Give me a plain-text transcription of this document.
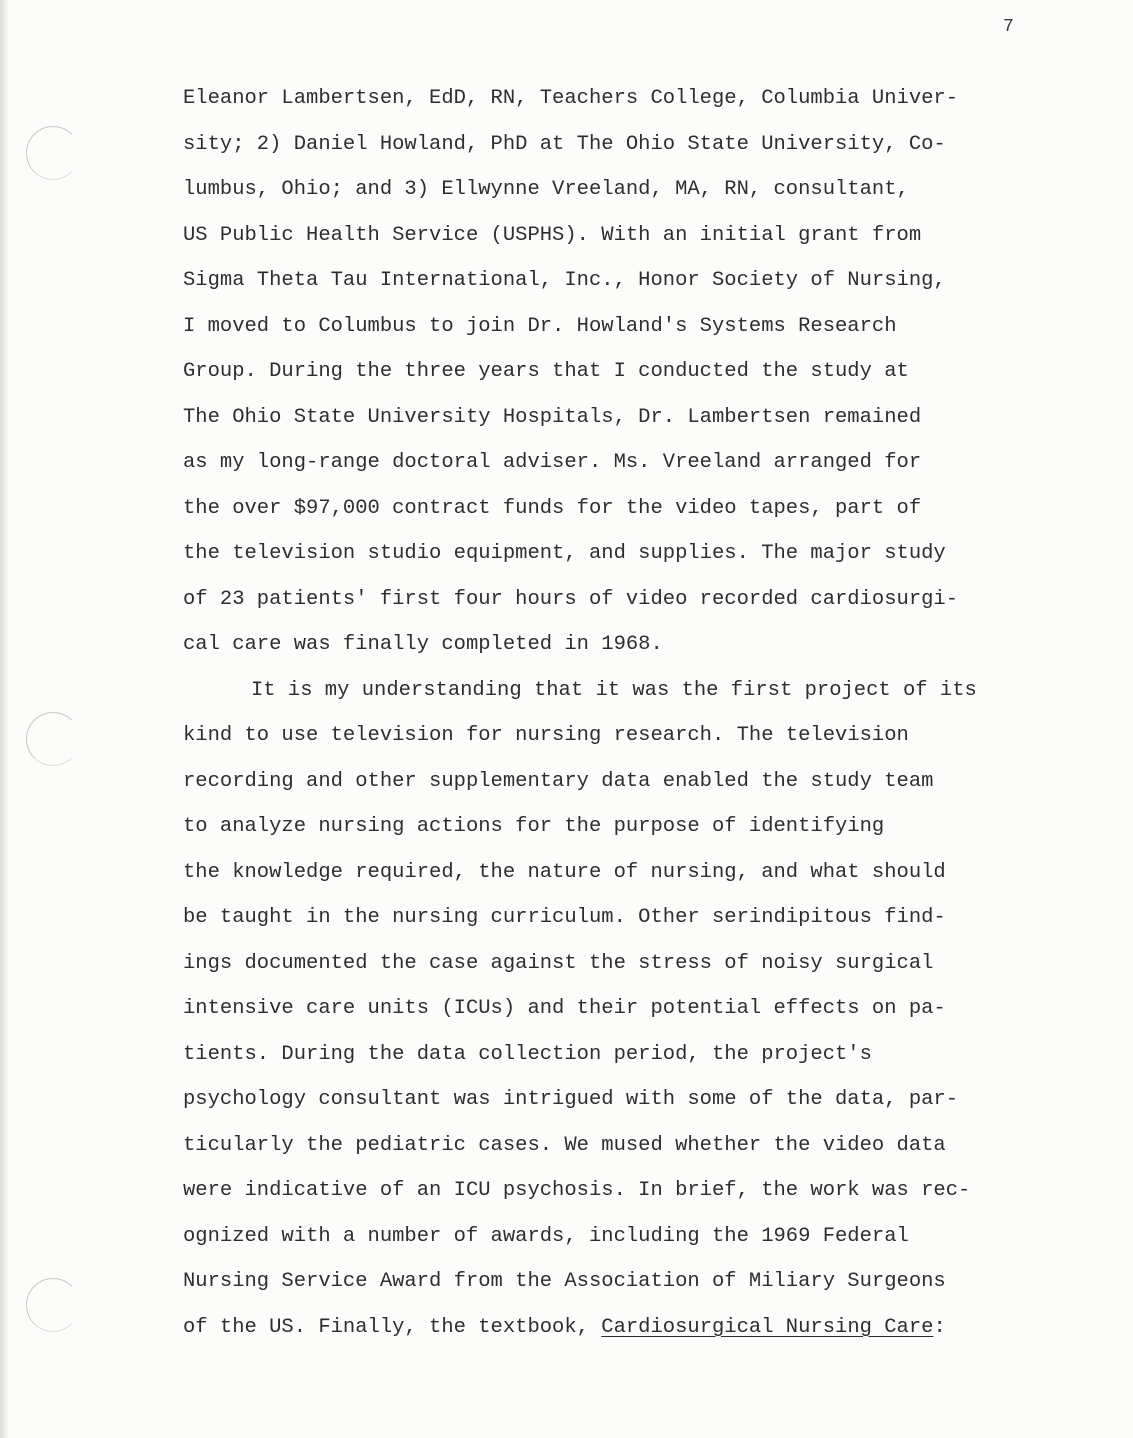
7
Eleanor Lambertsen, EdD, RN, Teachers College, Columbia Univer-
sity; 2) Daniel Howland, PhD at The Ohio State University, Co-
lumbus, Ohio; and 3) Ellwynne Vreeland, MA, RN, consultant,
US Public Health Service (USPHS). With an initial grant from
Sigma Theta Tau International, Inc., Honor Society of Nursing,
I moved to Columbus to join Dr. Howland's Systems Research
Group. During the three years that I conducted the study at
The Ohio State University Hospitals, Dr. Lambertsen remained
as my long-range doctoral adviser. Ms. Vreeland arranged for
the over $97,000 contract funds for the video tapes, part of
the television studio equipment, and supplies. The major study
of 23 patients' first four hours of video recorded cardiosurgi-
cal care was finally completed in 1968.
It is my understanding that it was the first project of its
kind to use television for nursing research. The television
recording and other supplementary data enabled the study team
to analyze nursing actions for the purpose of identifying
the knowledge required, the nature of nursing, and what should
be taught in the nursing curriculum. Other serindipitous find-
ings documented the case against the stress of noisy surgical
intensive care units (ICUs) and their potential effects on pa-
tients. During the data collection period, the project's
psychology consultant was intrigued with some of the data, par-
ticularly the pediatric cases. We mused whether the video data
were indicative of an ICU psychosis. In brief, the work was rec-
ognized with a number of awards, including the 1969 Federal
Nursing Service Award from the Association of Miliary Surgeons
of the US. Finally, the textbook, Cardiosurgical Nursing Care:
